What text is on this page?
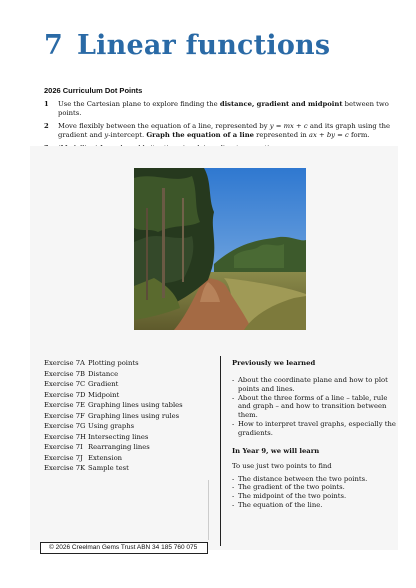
7 Linear functions
2026 Curriculum Dot Points
1	Use the Cartesian plane to explore finding the distance, gradient and midpoint between two points.
2	Move flexibly between the equation of a line, represented by y = mx + c and its graph using the
gradient and y-intercept. Graph the equation of a line represented in ax + by = c form.
Exercise 7A Plotting points
Exercise 7B Distance
Exercise 7C Gradient
Exercise 7D Midpoint
Exercise 7E Graphing lines using tables
Exercise 7F Graphing lines using rules
Exercise 7G Using graphs
Exercise 7H Intersecting lines
Exercise 7I Rearranging lines
Exercise 7J Extension
Exercise 7K Sample test
Previously we learned
- About the coordinate plane and how to plot points and lines.
- About the three forms of a line – table, rule and graph – and how to transition between them.
- How to interpret travel graphs, especially the gradients.
In Year 9, we will learn
To use just two points to find
- The distance between the two points.
- The gradient of the two points.
- The midpoint of the two points.
- The equation of the line.
© 2026 Creelman Gems Trust ABN 34 185 760 075
